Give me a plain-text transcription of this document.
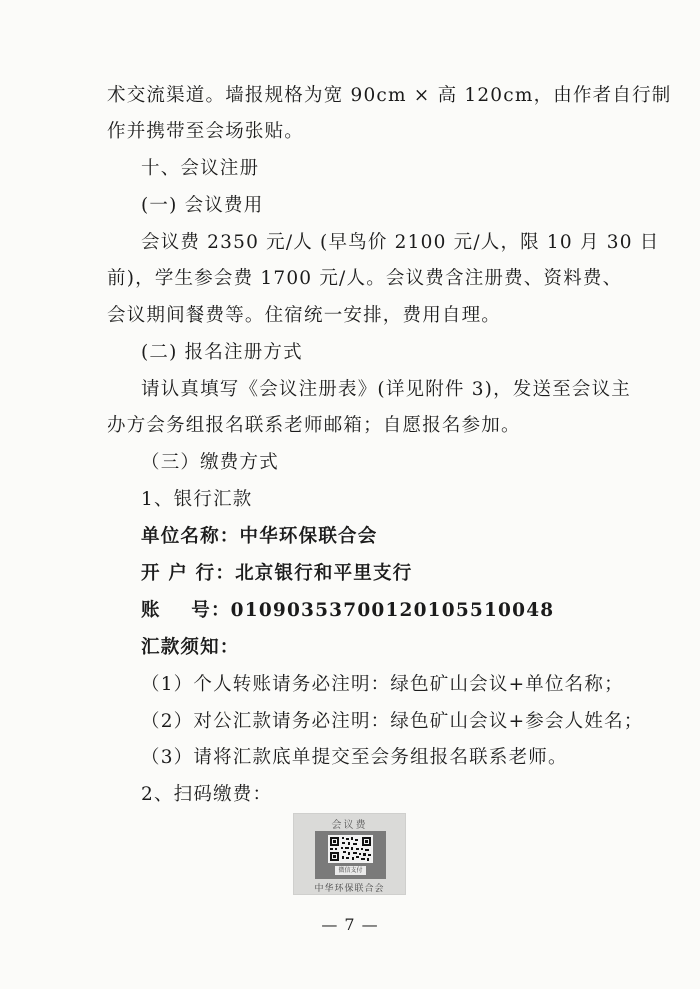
术交流渠道。墙报规格为宽 90cm × 高 120cm，由作者自行制
作并携带至会场张贴。
十、会议注册
(一) 会议费用
会议费 2350 元/人 (早鸟价 2100 元/人，限 10 月 30 日
前)，学生参会费 1700 元/人。会议费含注册费、资料费、
会议期间餐费等。住宿统一安排，费用自理。
(二) 报名注册方式
请认真填写《会议注册表》(详见附件 3)，发送至会议主
办方会务组报名联系老师邮箱；自愿报名参加。
（三）缴费方式
1、银行汇款
单位名称：中华环保联合会
开 户 行：北京银行和平里支行
账    号：01090353700120105510048
汇款须知：
（1）个人转账请务必注明：绿色矿山会议+单位名称；
（2）对公汇款请务必注明：绿色矿山会议+参会人姓名；
（3）请将汇款底单提交至会务组报名联系老师。
2、扫码缴费：
会议费
微信支付
中华环保联合会
— 7 —
